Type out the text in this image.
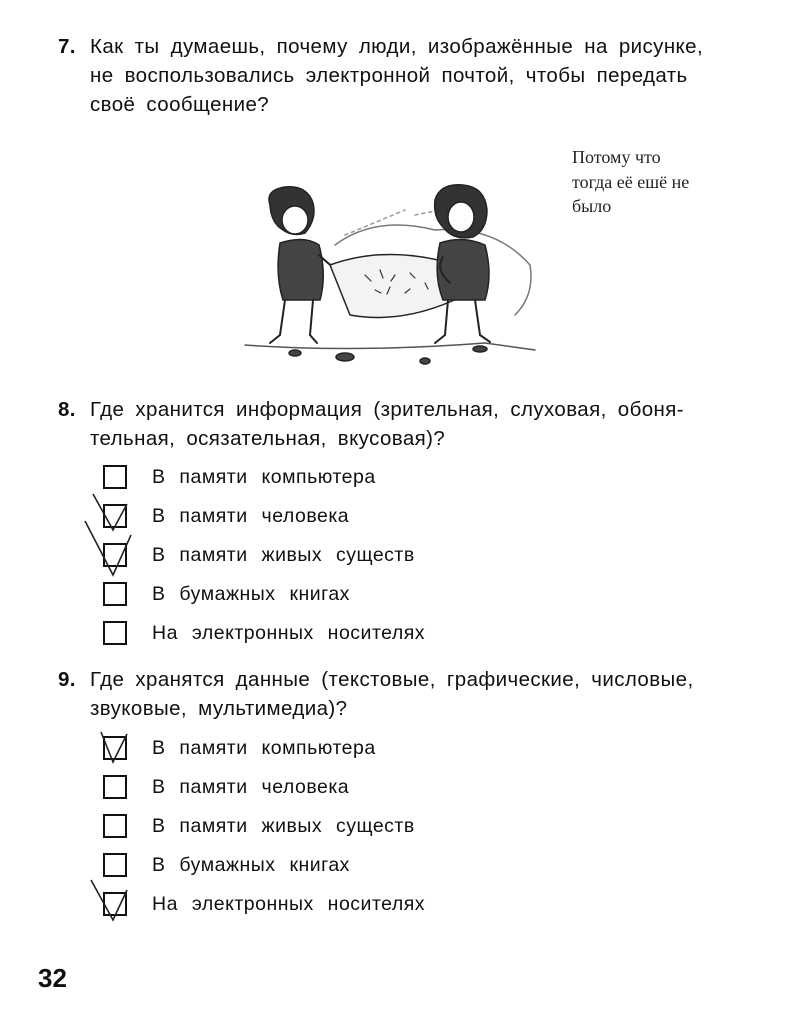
7. Как ты думаешь, почему люди, изображённые на рисунке,
не воспользовались электронной почтой, чтобы передать
своё сообщение?
Потому что
тогда её ешё не
было
8. Где хранится информация (зрительная, слуховая, обоня-
тельная, осязательная, вкусовая)?
В памяти компьютера
В памяти человека
В памяти живых существ
В бумажных книгах
На электронных носителях
9. Где хранятся данные (текстовые, графические, числовые,
звуковые, мультимедиа)?
В памяти компьютера
В памяти человека
В памяти живых существ
В бумажных книгах
На электронных носителях
32
